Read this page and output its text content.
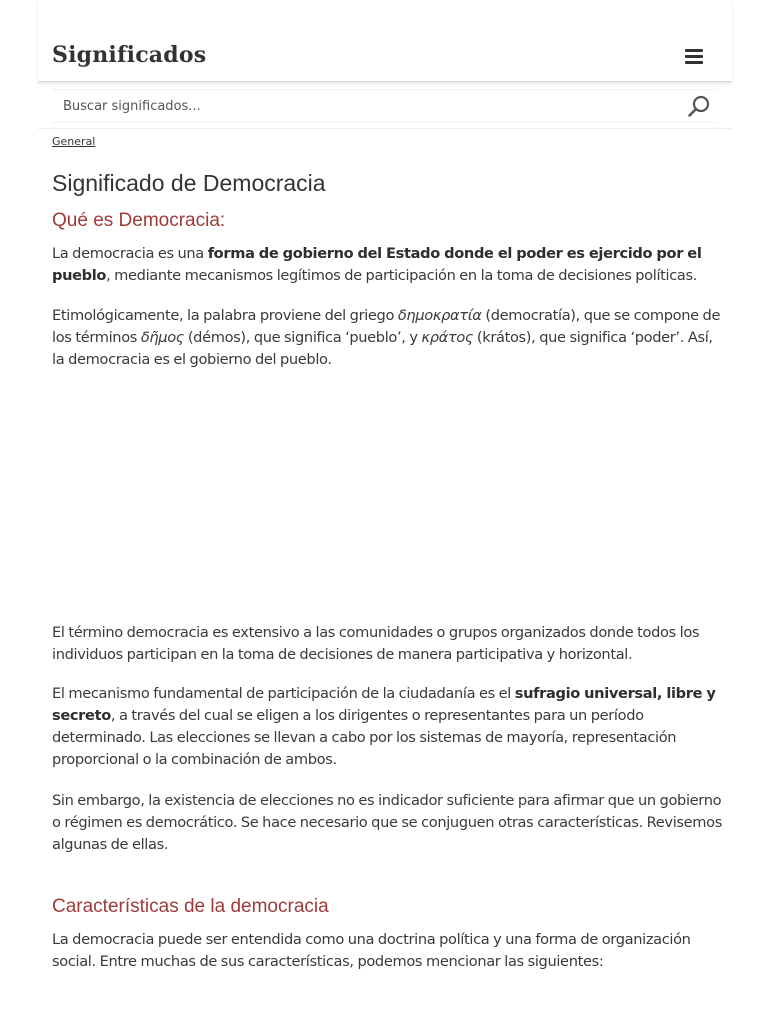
Significados
Buscar significados...
General
Significado de Democracia
Qué es Democracia:

La democracia es una forma de gobierno del Estado donde el poder es ejercido por el pueblo, mediante mecanismos legítimos de participación en la toma de decisiones políticas.

Etimológicamente, la palabra proviene del griego δημοκρατία (democratía), que se compone de los términos δῆμος (démos), que significa ‘pueblo’, y κράτος (krátos), que significa ‘poder’. Así, la democracia es el gobierno del pueblo.

El término democracia es extensivo a las comunidades o grupos organizados donde todos los individuos participan en la toma de decisiones de manera participativa y horizontal.

El mecanismo fundamental de participación de la ciudadanía es el sufragio universal, libre y secreto, a través del cual se eligen a los dirigentes o representantes para un período determinado. Las elecciones se llevan a cabo por los sistemas de mayoría, representación proporcional o la combinación de ambos.

Sin embargo, la existencia de elecciones no es indicador suficiente para afirmar que un gobierno o régimen es democrático. Se hace necesario que se conjuguen otras características. Revisemos algunas de ellas.

Características de la democracia

La democracia puede ser entendida como una doctrina política y una forma de organización social. Entre muchas de sus características, podemos mencionar las siguientes:
